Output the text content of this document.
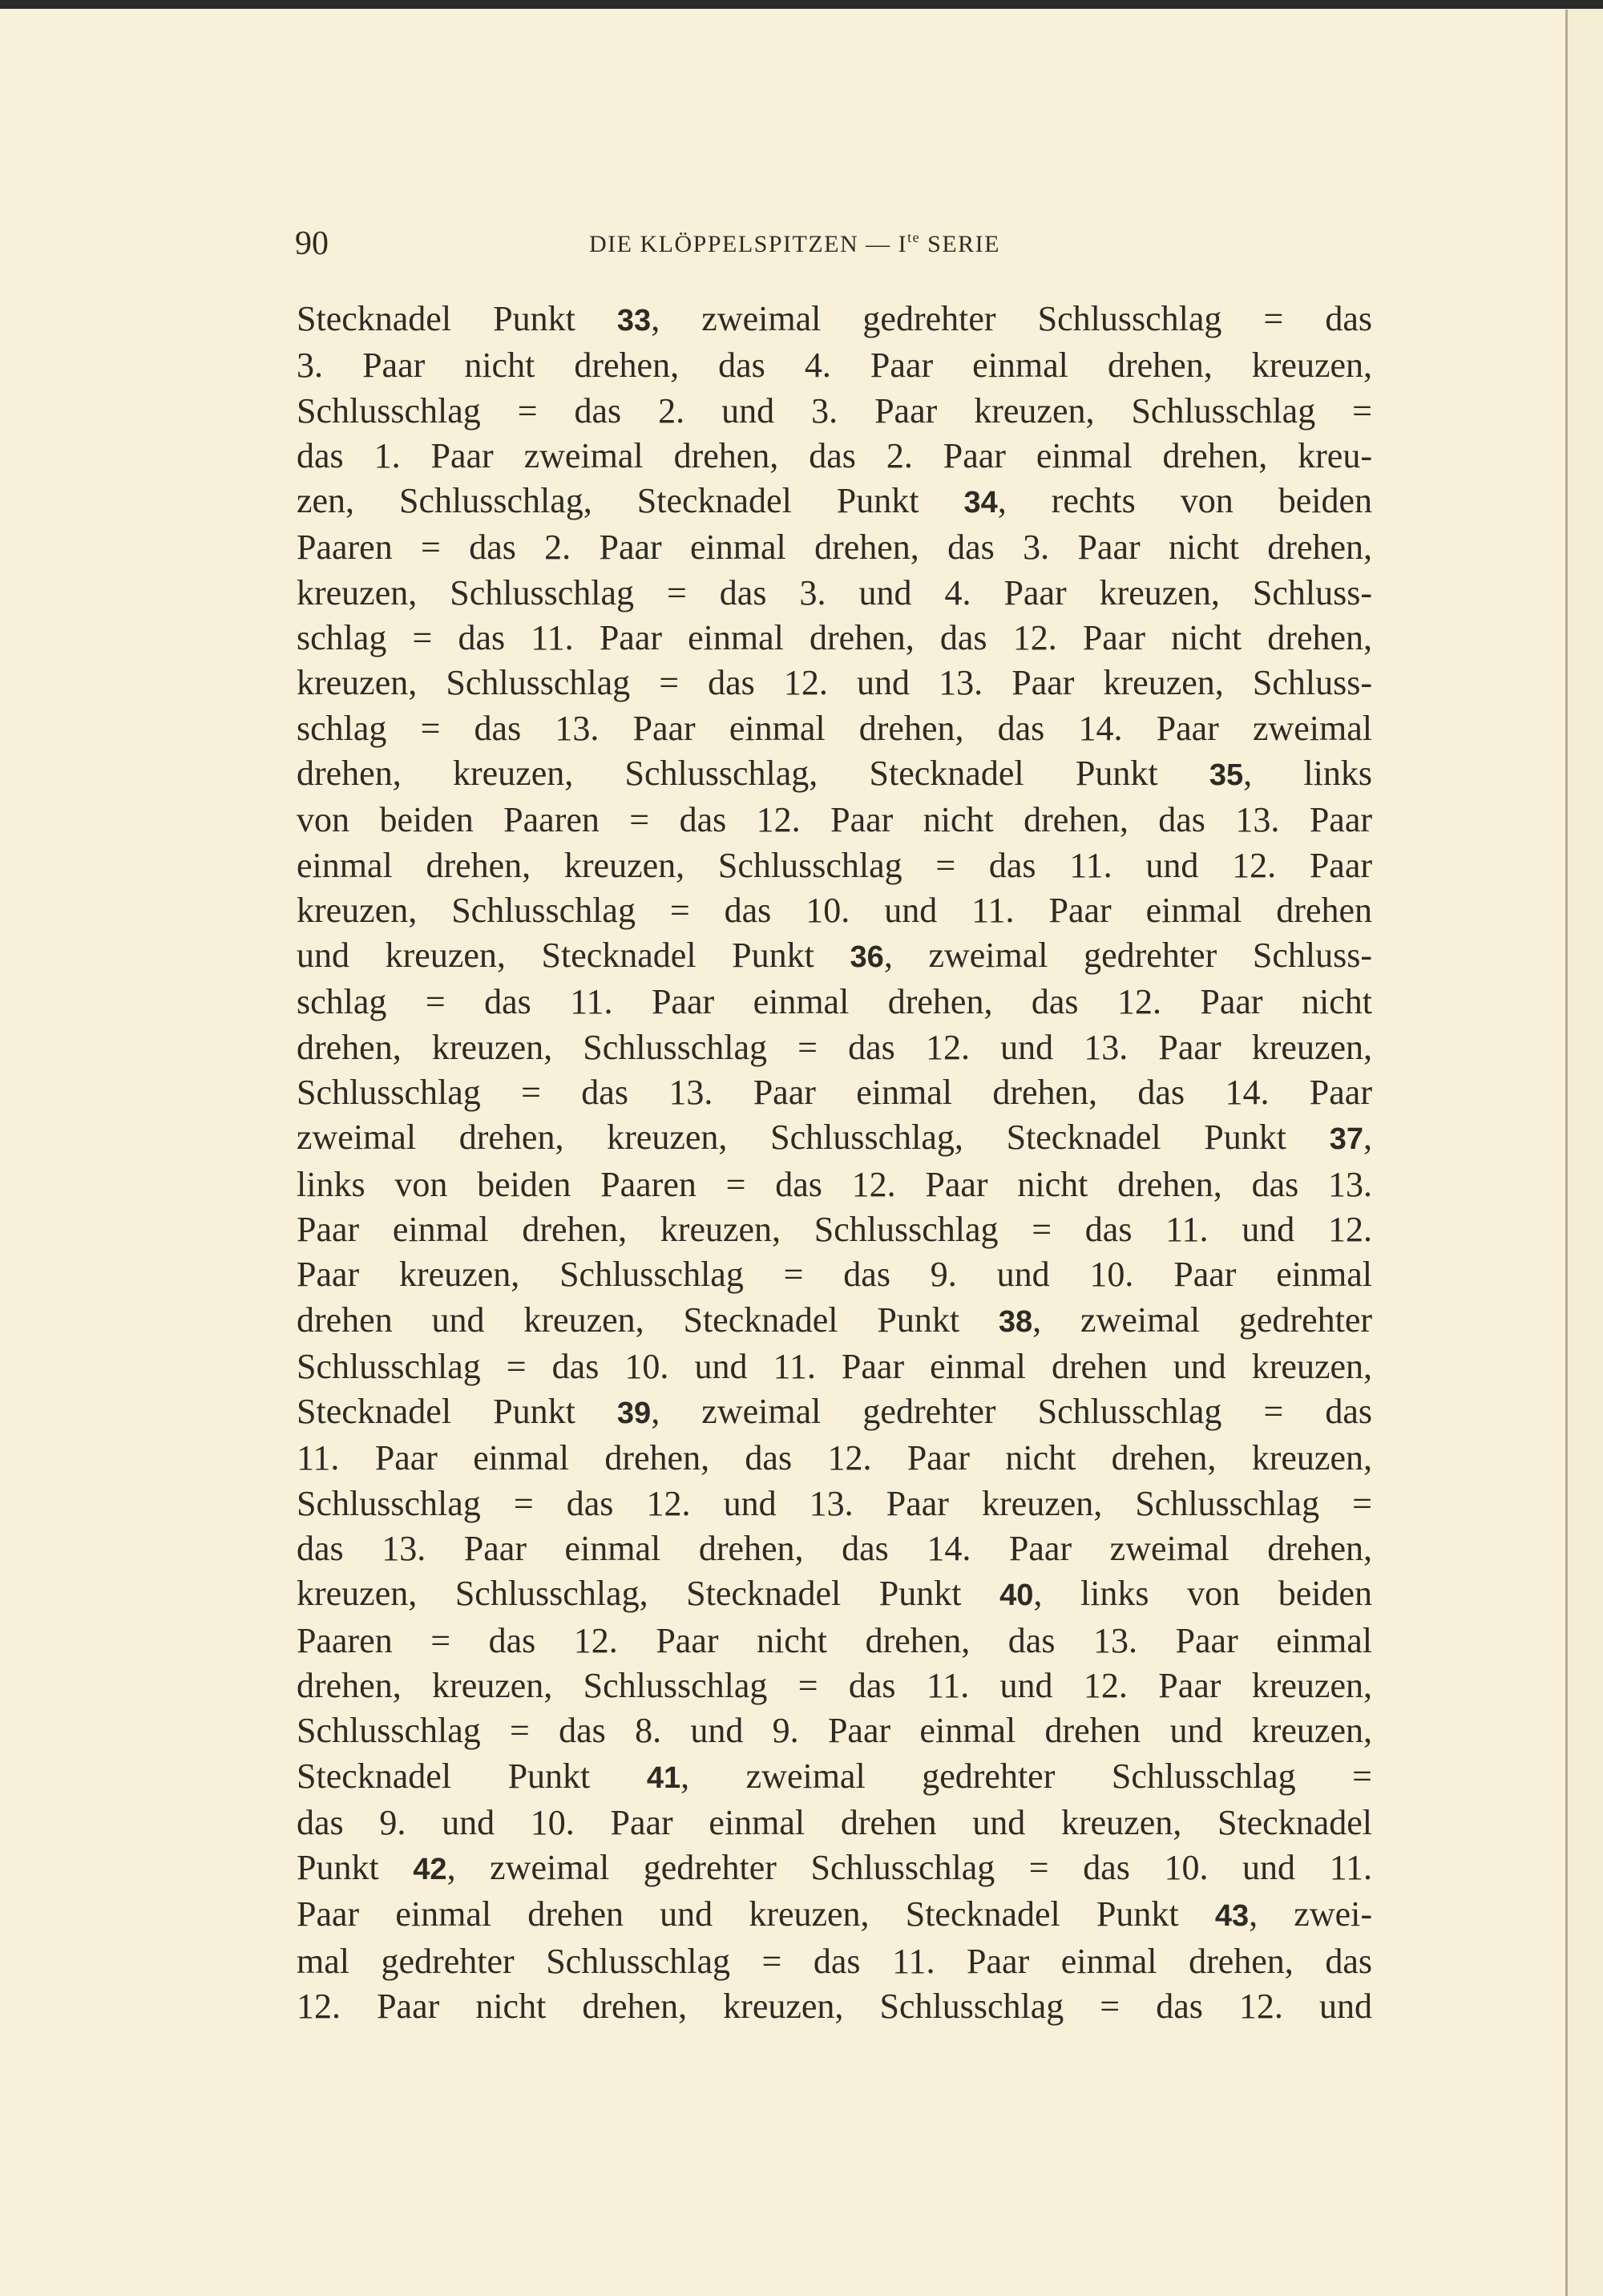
90	DIE KLÖPPELSPITZEN — $I^{te}$ SERIE
Stecknadel Punkt 33, zweimal gedrehter Schlusschlag = das
3. Paar nicht drehen, das 4. Paar einmal drehen, kreuzen,
Schlusschlag = das 2. und 3. Paar kreuzen, Schlusschlag =
das 1. Paar zweimal drehen, das 2. Paar einmal drehen, kreu-
zen, Schlusschlag, Stecknadel Punkt 34, rechts von beiden
Paaren = das 2. Paar einmal drehen, das 3. Paar nicht drehen,
kreuzen, Schlusschlag = das 3. und 4. Paar kreuzen, Schluss-
schlag = das 11. Paar einmal drehen, das 12. Paar nicht drehen,
kreuzen, Schlusschlag = das 12. und 13. Paar kreuzen, Schluss-
schlag = das 13. Paar einmal drehen, das 14. Paar zweimal
drehen, kreuzen, Schlusschlag, Stecknadel Punkt 35, links
von beiden Paaren = das 12. Paar nicht drehen, das 13. Paar
einmal drehen, kreuzen, Schlusschlag = das 11. und 12. Paar
kreuzen, Schlusschlag = das 10. und 11. Paar einmal drehen
und kreuzen, Stecknadel Punkt 36, zweimal gedrehter Schluss-
schlag = das 11. Paar einmal drehen, das 12. Paar nicht
drehen, kreuzen, Schlusschlag = das 12. und 13. Paar kreuzen,
Schlusschlag = das 13. Paar einmal drehen, das 14. Paar
zweimal drehen, kreuzen, Schlusschlag, Stecknadel Punkt 37,
links von beiden Paaren = das 12. Paar nicht drehen, das 13.
Paar einmal drehen, kreuzen, Schlusschlag = das 11. und 12.
Paar kreuzen, Schlusschlag = das 9. und 10. Paar einmal
drehen und kreuzen, Stecknadel Punkt 38, zweimal gedrehter
Schlusschlag = das 10. und 11. Paar einmal drehen und kreuzen,
Stecknadel Punkt 39, zweimal gedrehter Schlusschlag = das
11. Paar einmal drehen, das 12. Paar nicht drehen, kreuzen,
Schlusschlag = das 12. und 13. Paar kreuzen, Schlusschlag =
das 13. Paar einmal drehen, das 14. Paar zweimal drehen,
kreuzen, Schlusschlag, Stecknadel Punkt 40, links von beiden
Paaren = das 12. Paar nicht drehen, das 13. Paar einmal
drehen, kreuzen, Schlusschlag = das 11. und 12. Paar kreuzen,
Schlusschlag = das 8. und 9. Paar einmal drehen und kreuzen,
Stecknadel Punkt 41, zweimal gedrehter Schlusschlag =
das 9. und 10. Paar einmal drehen und kreuzen, Stecknadel
Punkt 42, zweimal gedrehter Schlusschlag = das 10. und 11.
Paar einmal drehen und kreuzen, Stecknadel Punkt 43, zwei-
mal gedrehter Schlusschlag = das 11. Paar einmal drehen, das
12. Paar nicht drehen, kreuzen, Schlusschlag = das 12. und
